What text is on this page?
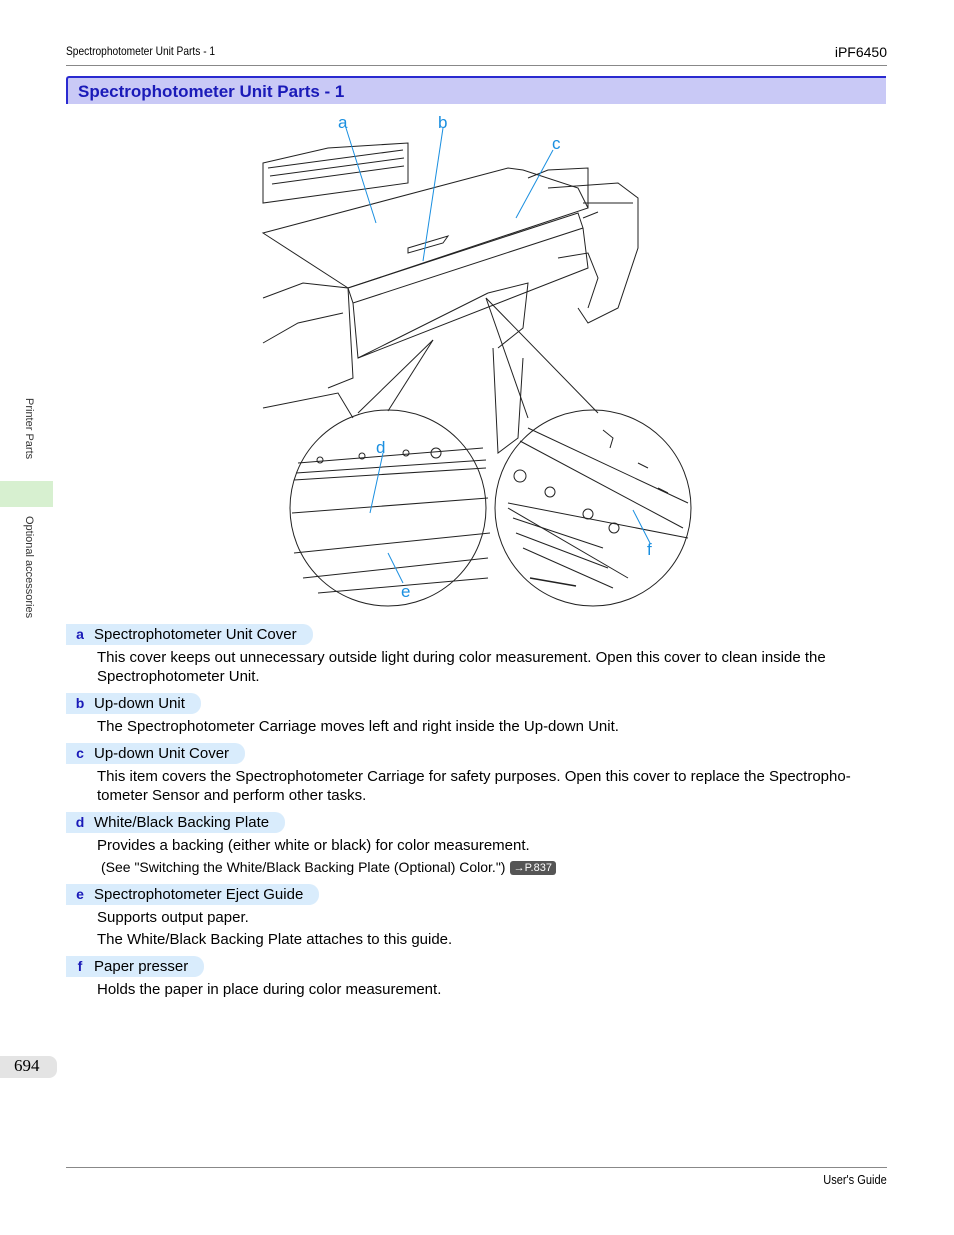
Spectrophotometer Unit Parts - 1	iPF6450
Spectrophotometer Unit Parts - 1
a	b
c
d
e
f
Printer Parts
Optional accessories
a Spectrophotometer Unit Cover
This cover keeps out unnecessary outside light during color measurement. Open this cover to clean inside the
Spectrophotometer Unit.
b Up-down Unit
The Spectrophotometer Carriage moves left and right inside the Up-down Unit.
c Up-down Unit Cover
This item covers the Spectrophotometer Carriage for safety purposes. Open this cover to replace the Spectropho-
tometer Sensor and perform other tasks.
d White/Black Backing Plate
Provides a backing (either white or black) for color measurement.
(See "Switching the White/Black Backing Plate (Optional) Color.") →P.837
e Spectrophotometer Eject Guide
Supports output paper.
The White/Black Backing Plate attaches to this guide.
f Paper presser
Holds the paper in place during color measurement.
694
User's Guide
